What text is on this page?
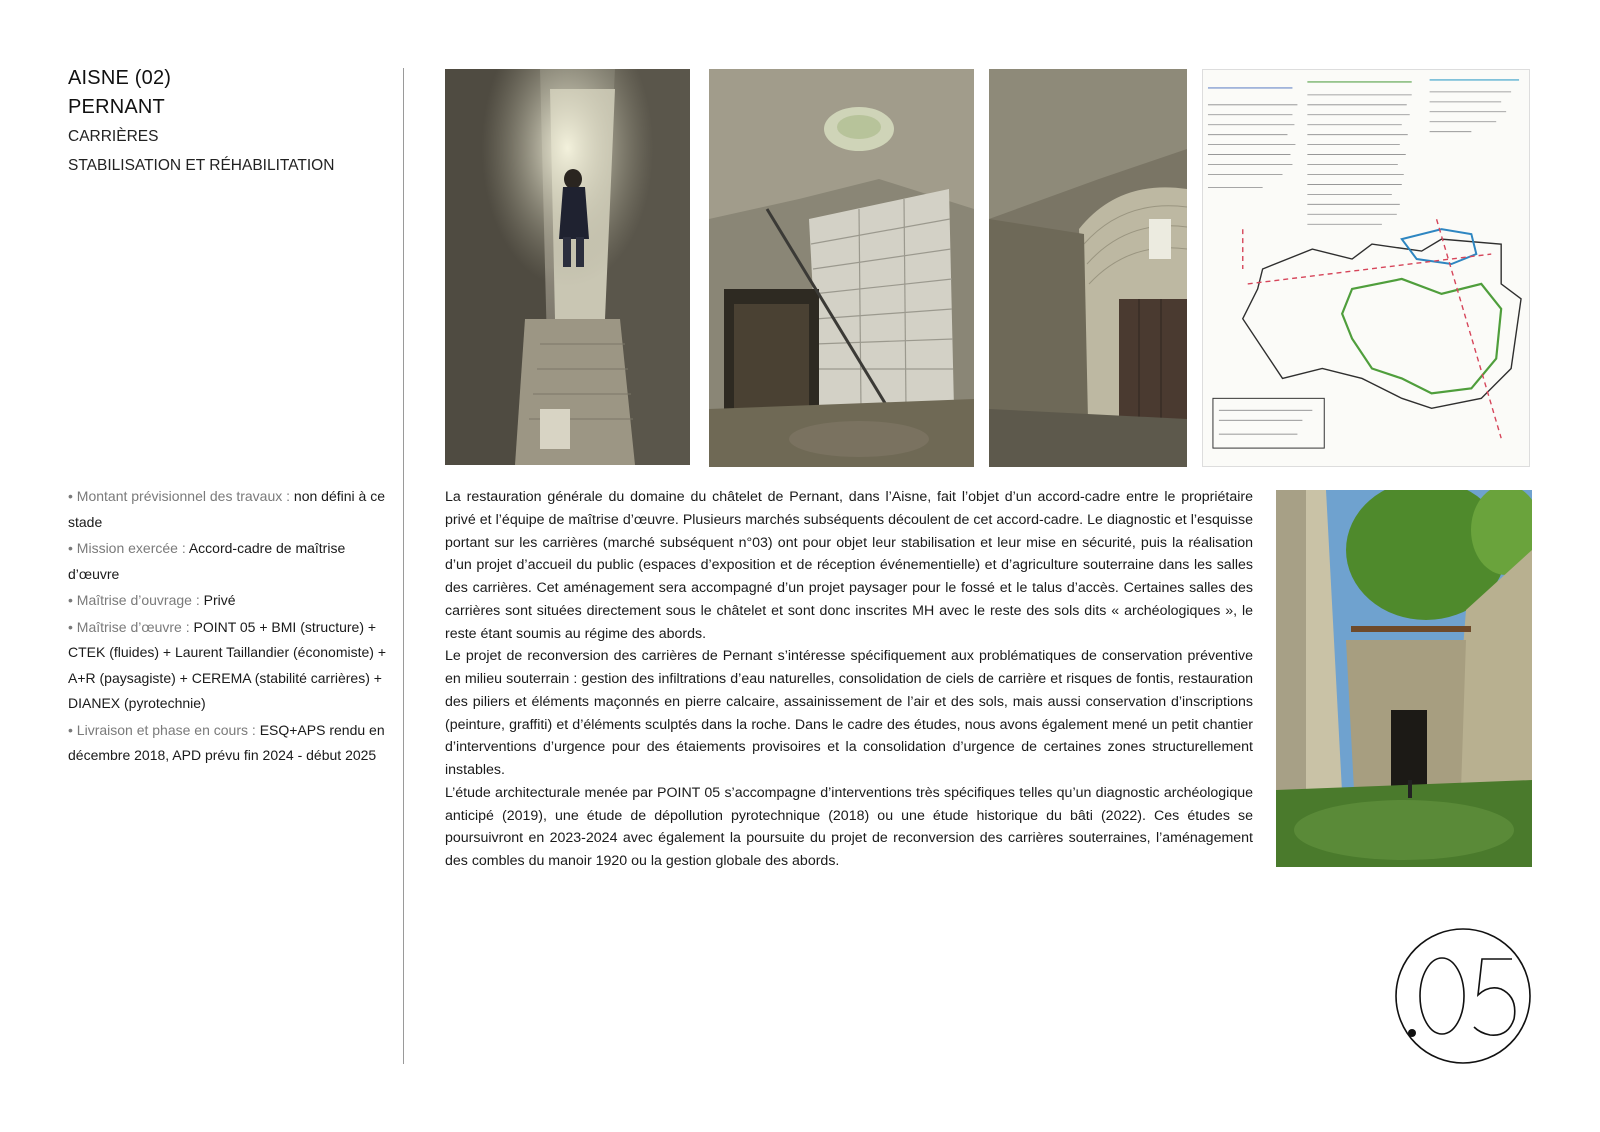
AISNE (02)
PERNANT
CARRIÈRES
STABILISATION ET RÉHABILITATION

• Montant prévisionnel des travaux : non défini à ce stade

• Mission exercée : Accord-cadre de maîtrise d’œuvre

• Maîtrise d’ouvrage : Privé

• Maîtrise d’œuvre : POINT 05 + BMI (structure) + CTEK (fluides) + Laurent Taillandier (économiste) + A+R (paysagiste) + CEREMA (stabilité carrières) + DIANEX (pyrotechnie)

• Livraison et phase en cours : ESQ+APS rendu en décembre 2018, APD prévu fin 2024 - début 2025

La restauration générale du domaine du châtelet de Pernant, dans l’Aisne, fait l’objet d’un accord-cadre entre le propriétaire privé et l’équipe de maîtrise d’œuvre. Plusieurs marchés subséquents découlent de cet accord-cadre. Le diagnostic et l’esquisse portant sur les carrières (marché subséquent n°03) ont pour objet leur stabilisation et leur mise en sécurité, puis la réalisation d’un projet d’accueil du public (espaces d’exposition et de réception événementielle) et d’agriculture souterraine dans les salles des carrières. Cet aménagement sera accompagné d’un projet paysager pour le fossé et le talus d’accès. Certaines salles des carrières sont situées directement sous le châtelet et sont donc inscrites MH avec le reste des sols dits « archéologiques », le reste étant soumis au régime des abords.

Le projet de reconversion des carrières de Pernant s’intéresse spécifiquement aux problématiques de conservation préventive en milieu souterrain : gestion des infiltrations d’eau naturelles, consolidation de ciels de carrière et risques de fontis, restauration des piliers et éléments maçonnés en pierre calcaire, assainissement de l’air et des sols, mais aussi conservation d’inscriptions (peinture, graffiti) et d’éléments sculptés dans la roche. Dans le cadre des études, nous avons également mené un petit chantier d’interventions d’urgence pour des étaiements provisoires et la consolidation d’urgence de certaines zones structurellement instables.

L’étude architecturale menée par POINT 05 s’accompagne d’interventions très spécifiques telles qu’un diagnostic archéologique anticipé (2019), une étude de dépollution pyrotechnique (2018) ou une étude historique du bâti (2022). Ces études se poursuivront en 2023-2024 avec également la poursuite du projet de reconversion des carrières souterraines, l’aménagement des combles du manoir 1920 ou la gestion globale des abords.
